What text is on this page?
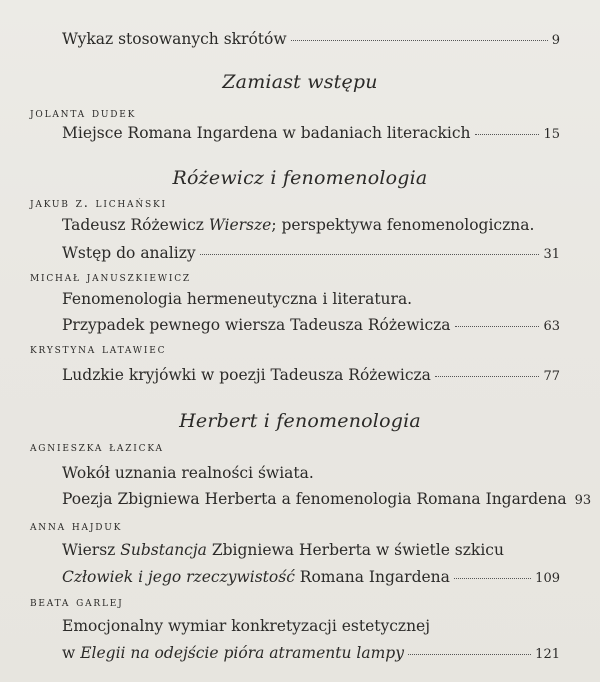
Wykaz stosowanych skrótów	9
Zamiast wstępu
jolanta dudek
Miejsce Romana Ingardena w badaniach literackich	15
Różewicz i fenomenologia
jakub z. lichański
Tadeusz Różewicz Wiersze; perspektywa fenomenologiczna.
Wstęp do analizy	31
michał januszkiewicz
Fenomenologia hermeneutyczna i literatura.
Przypadek pewnego wiersza Tadeusza Różewicza	63
krystyna latawiec
Ludzkie kryjówki w poezji Tadeusza Różewicza	77
Herbert i fenomenologia
agnieszka łazicka
Wokół uznania realności świata.
Poezja Zbigniewa Herberta a fenomenologia Romana Ingardena 93
anna hajduk
Wiersz Substancja Zbigniewa Herberta w świetle szkicu
Człowiek i jego rzeczywistość Romana Ingardena	109
beata garlej
Emocjonalny wymiar konkretyzacji estetycznej
w Elegii na odejście pióra atramentu lampy	121
